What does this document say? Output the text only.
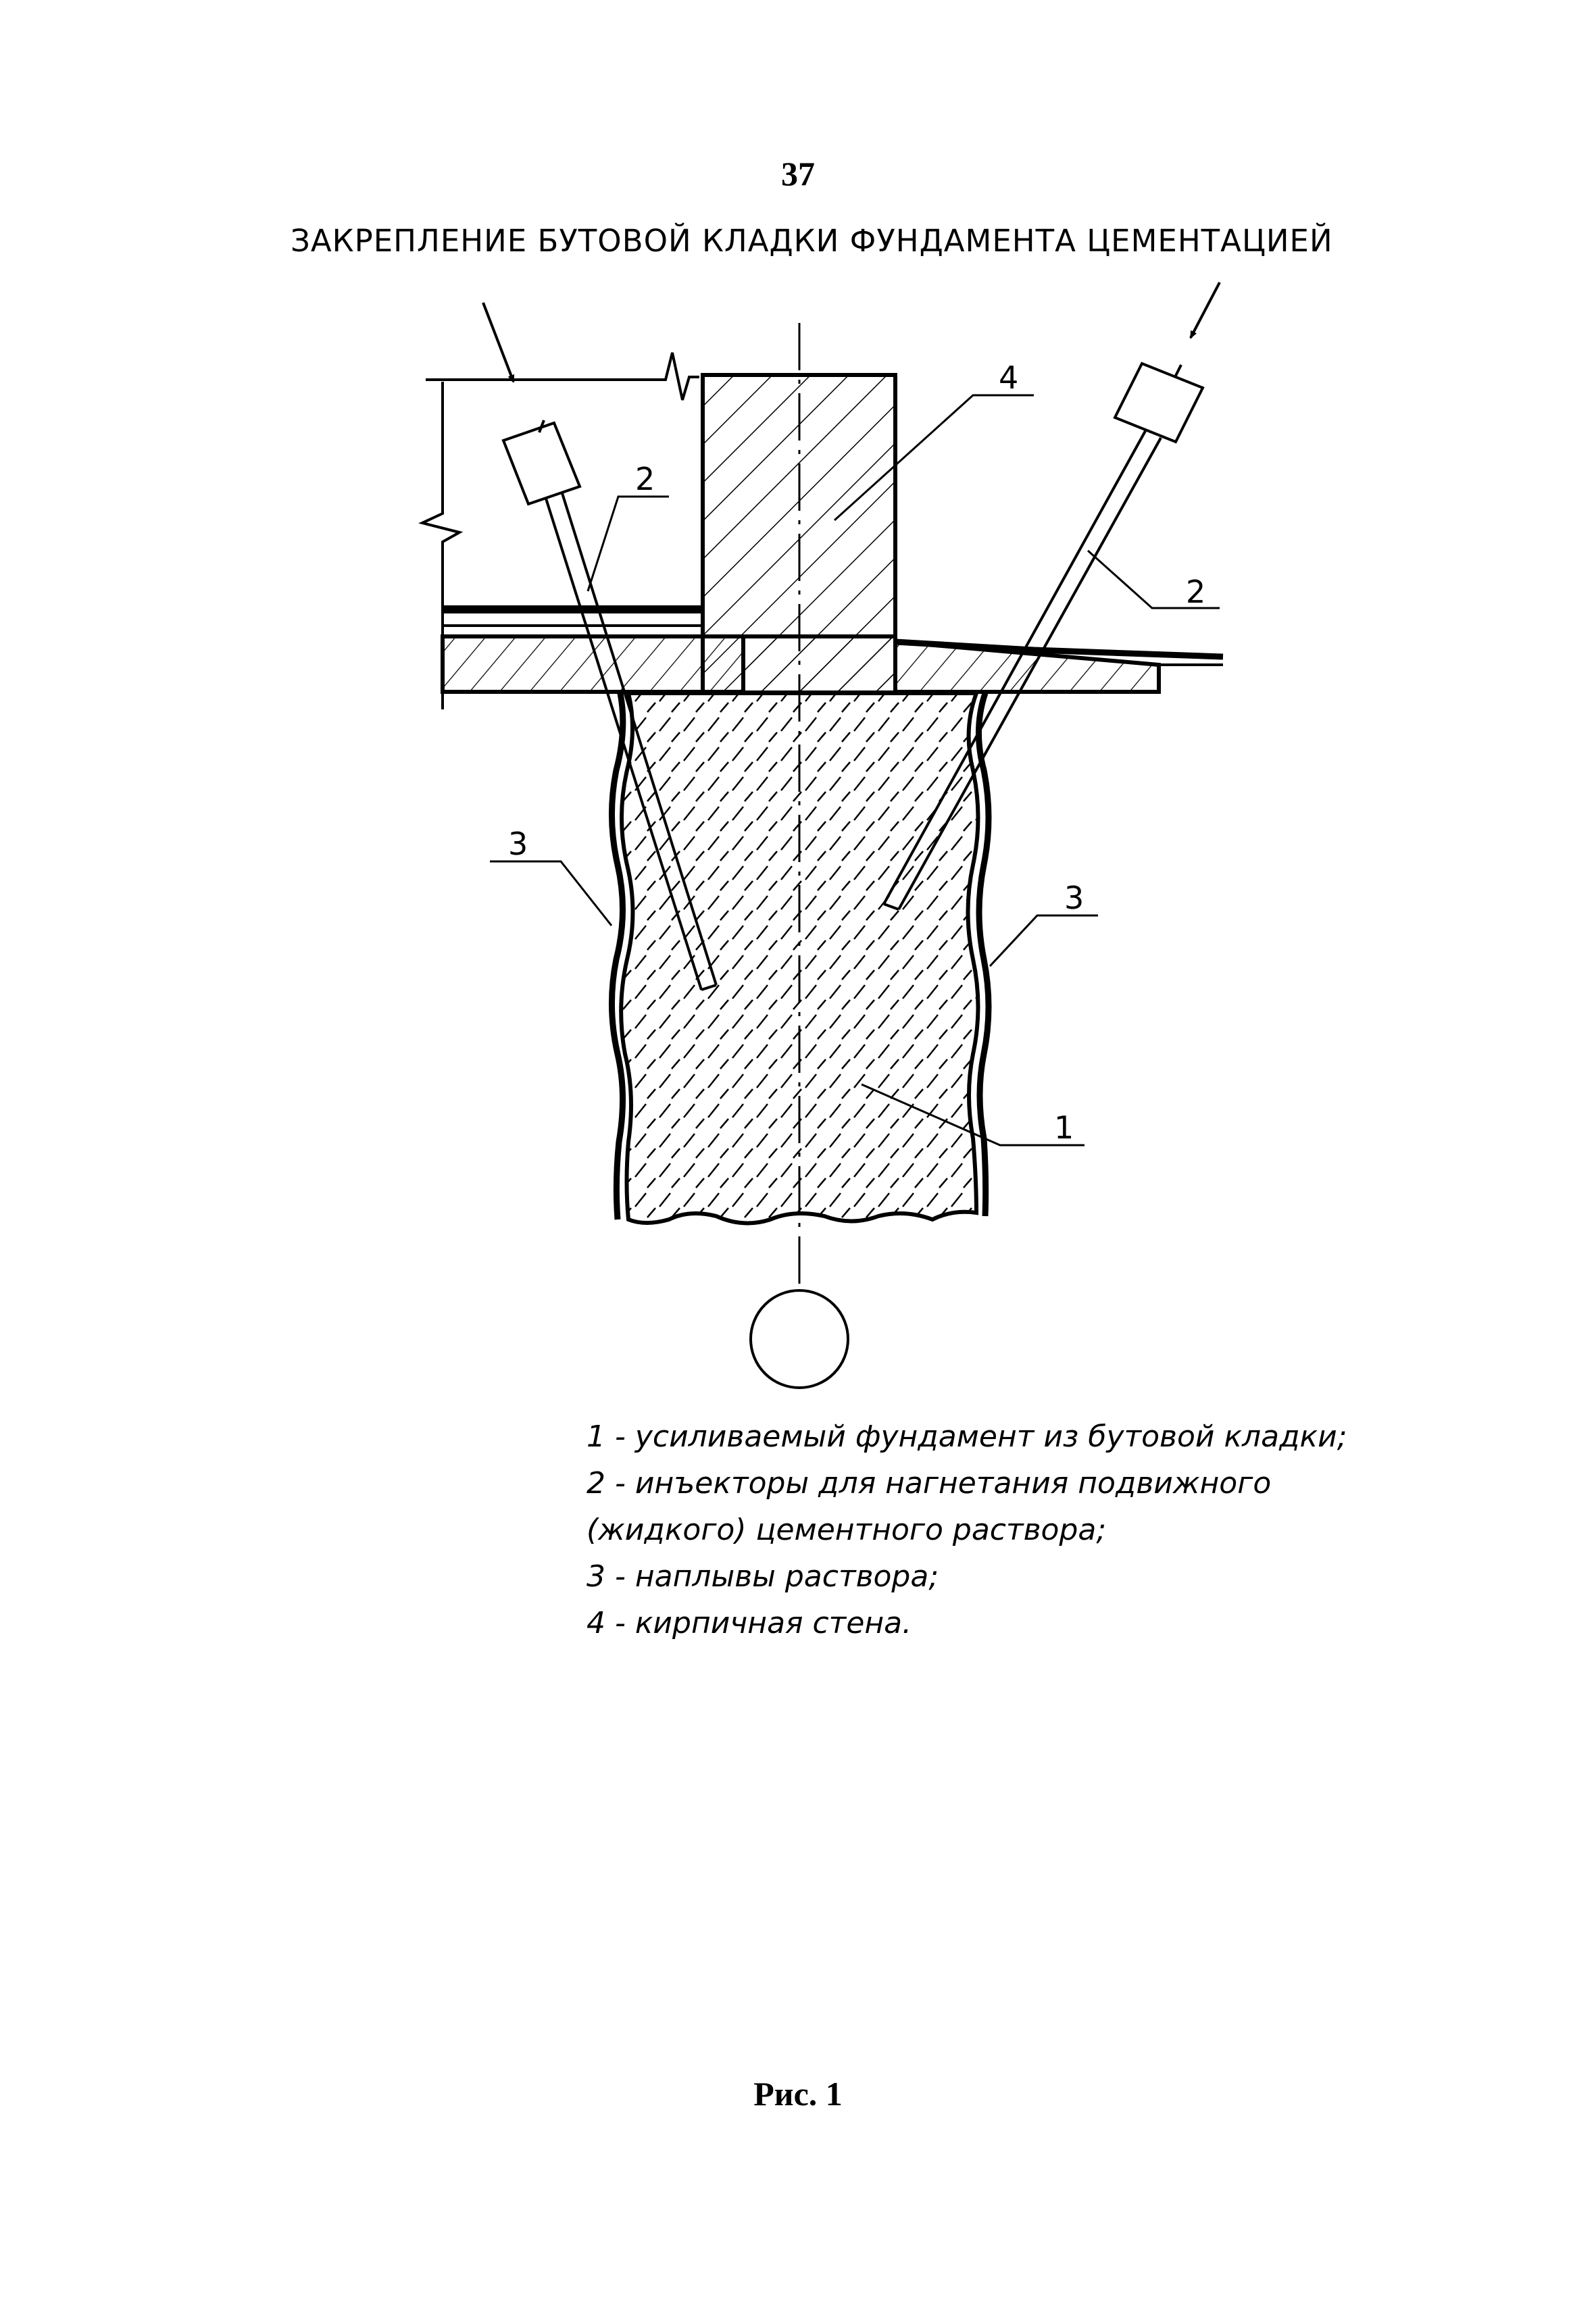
37
ЗАКРЕПЛЕНИЕ БУТОВОЙ КЛАДКИ ФУНДАМЕНТА ЦЕМЕНТАЦИЕЙ
4
2
2
3
3
1
1 - усиливаемый фундамент из бутовой кладки;
2 - инъекторы для нагнетания подвижного
(жидкого) цементного раствора;
3 - наплывы раствора;
4 - кирпичная стена.
Рис. 1
